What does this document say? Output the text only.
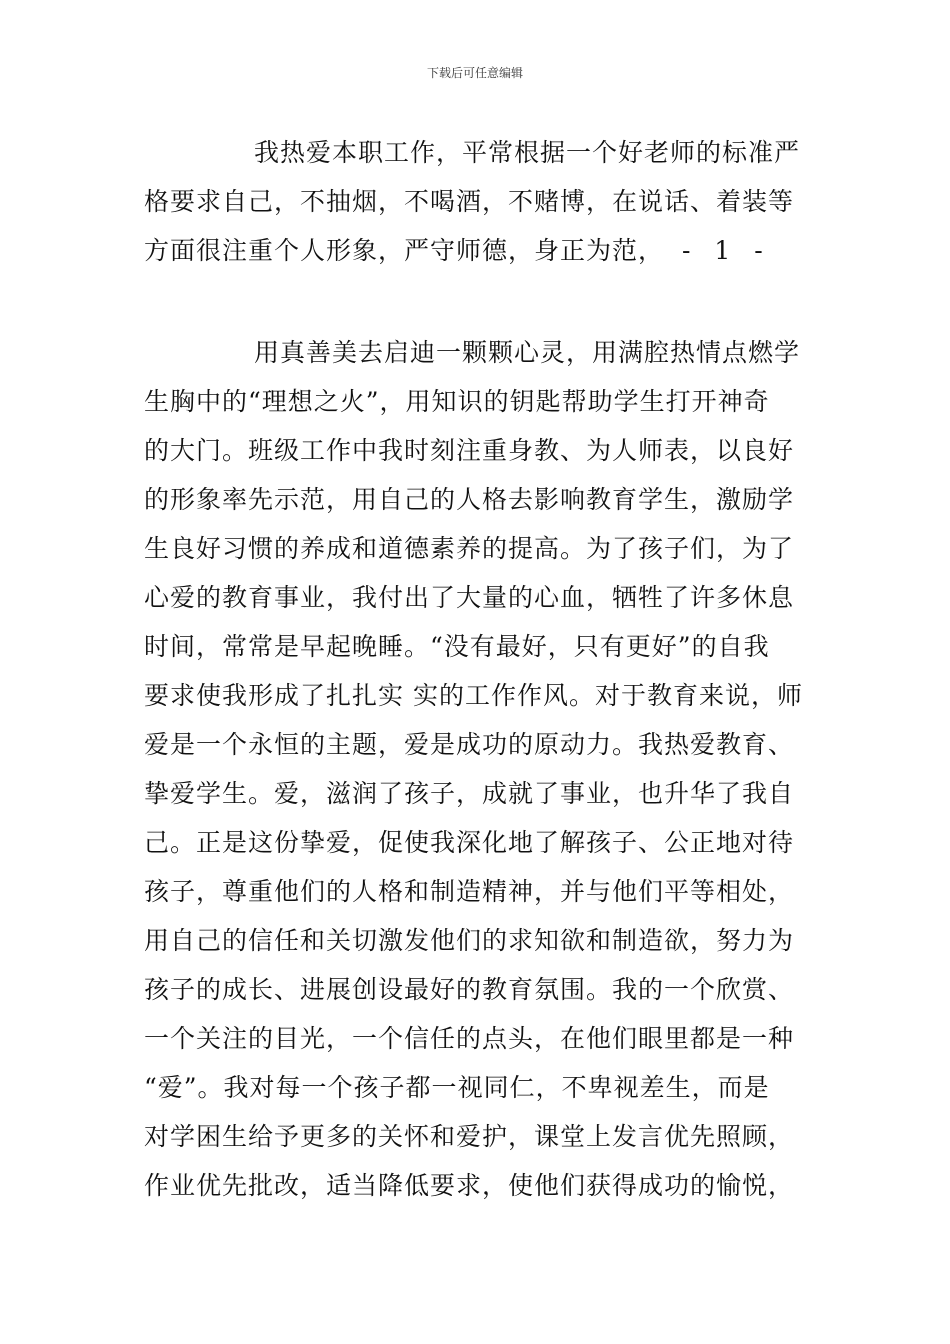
下载后可任意编辑
我热爱本职工作，平常根据一个好老师的标准严
格要求自己，不抽烟，不喝酒，不赌博，在说话、着装等
方面很注重个人形象，严守师德，身正为范， - 1 -
用真善美去启迪一颗颗心灵，用满腔热情点燃学
生胸中的“理想之火”，用知识的钥匙帮助学生打开神奇
的大门。班级工作中我时刻注重身教、为人师表，以良好
的形象率先示范，用自己的人格去影响教育学生，激励学
生良好习惯的养成和道德素养的提高。为了孩子们，为了
心爱的教育事业，我付出了大量的心血，牺牲了许多休息
时间，常常是早起晚睡。“没有最好，只有更好”的自我
要求使我形成了扎扎实 实的工作作风。对于教育来说，师
爱是一个永恒的主题，爱是成功的原动力。我热爱教育、
挚爱学生。爱，滋润了孩子，成就了事业，也升华了我自
己。正是这份挚爱，促使我深化地了解孩子、公正地对待
孩子，尊重他们的人格和制造精神，并与他们平等相处，
用自己的信任和关切激发他们的求知欲和制造欲，努力为
孩子的成长、进展创设最好的教育氛围。我的一个欣赏、
一个关注的目光，一个信任的点头，在他们眼里都是一种
“爱”。我对每一个孩子都一视同仁，不卑视差生，而是
对学困生给予更多的关怀和爱护，课堂上发言优先照顾，
作业优先批改，适当降低要求，使他们获得成功的愉悦，
